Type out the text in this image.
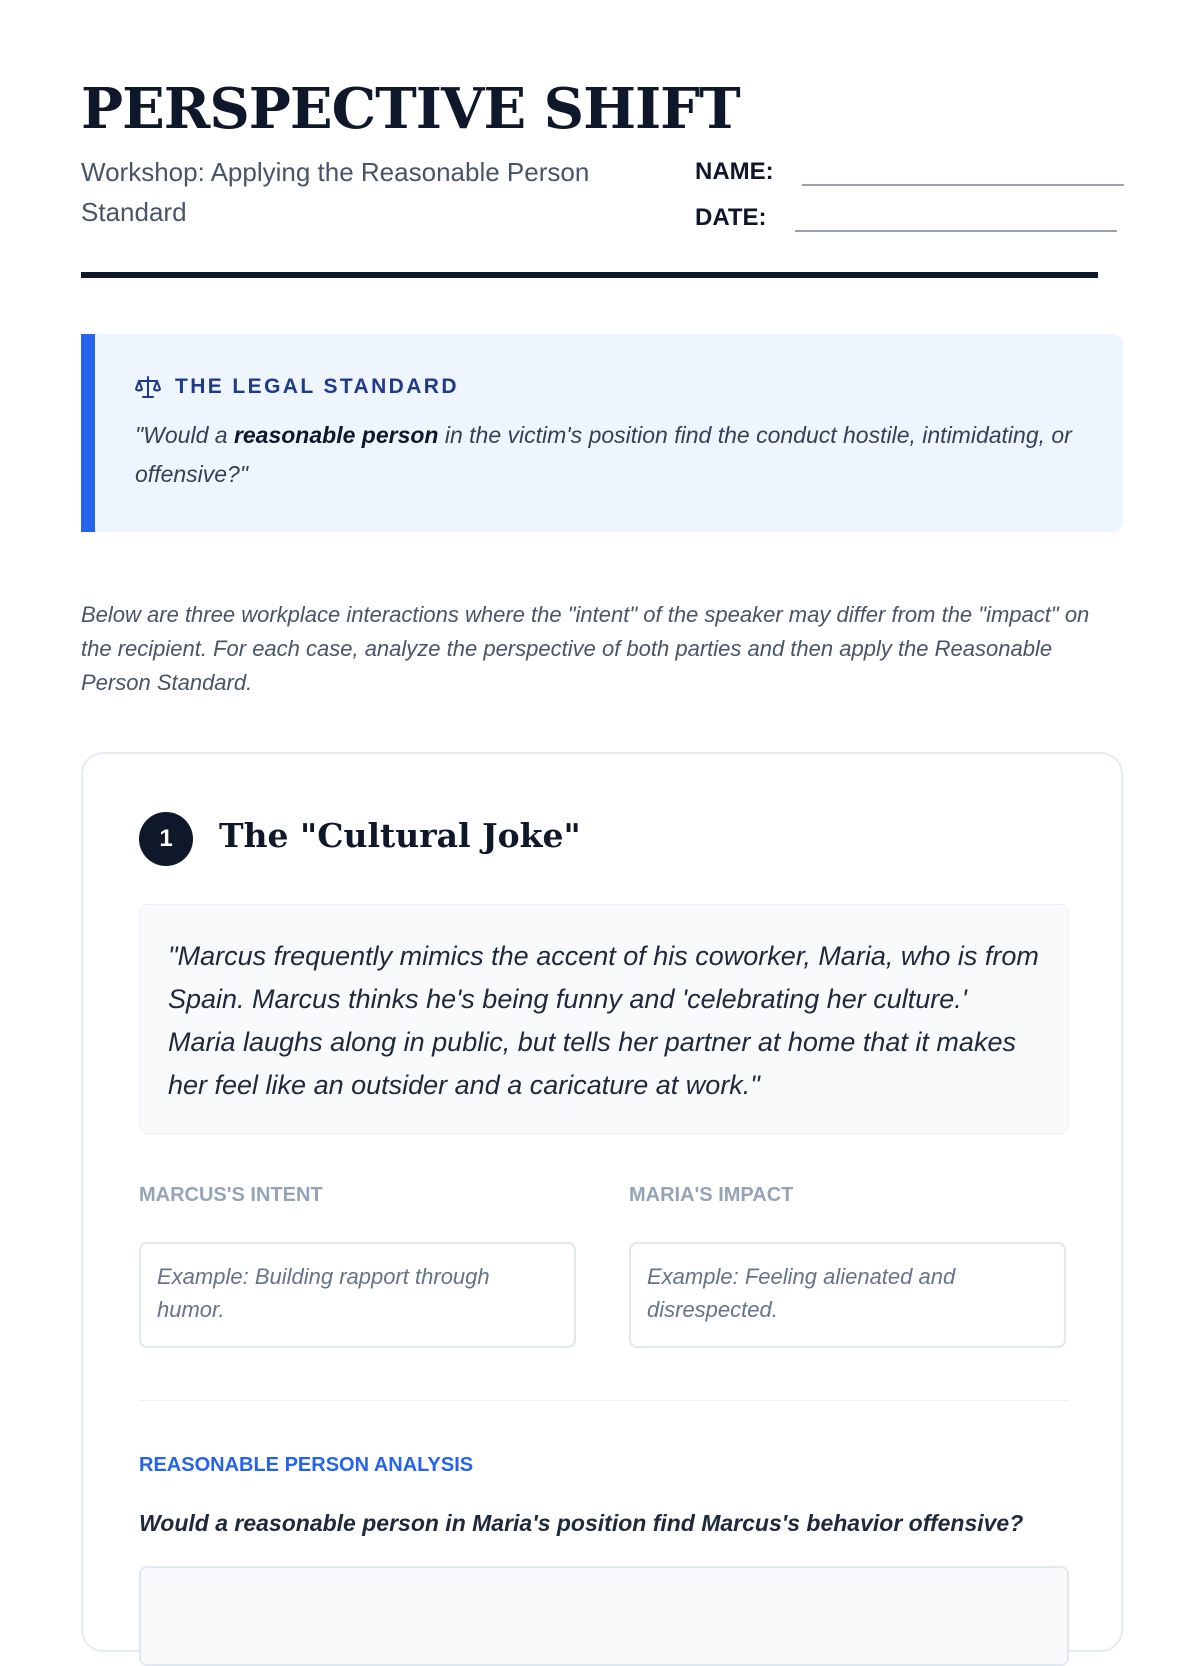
PERSPECTIVE SHIFT
Workshop: Applying the Reasonable Person Standard
NAME:
DATE:
THE LEGAL STANDARD

"Would a reasonable person in the victim's position find the conduct hostile, intimidating, or offensive?"

Below are three workplace interactions where the "intent" of the speaker may differ from the "impact" on the recipient. For each case, analyze the perspective of both parties and then apply the Reasonable Person Standard.

1	The "Cultural Joke"
"Marcus frequently mimics the accent of his coworker, Maria, who is from Spain. Marcus thinks he's being funny and 'celebrating her culture.' Maria laughs along in public, but tells her partner at home that it makes her feel like an outsider and a caricature at work."
MARCUS'S INTENT	MARIA'S IMPACT
Example: Building rapport through humor.
Example: Feeling alienated and disrespected.
REASONABLE PERSON ANALYSIS
Would a reasonable person in Maria's position find Marcus's behavior offensive?
